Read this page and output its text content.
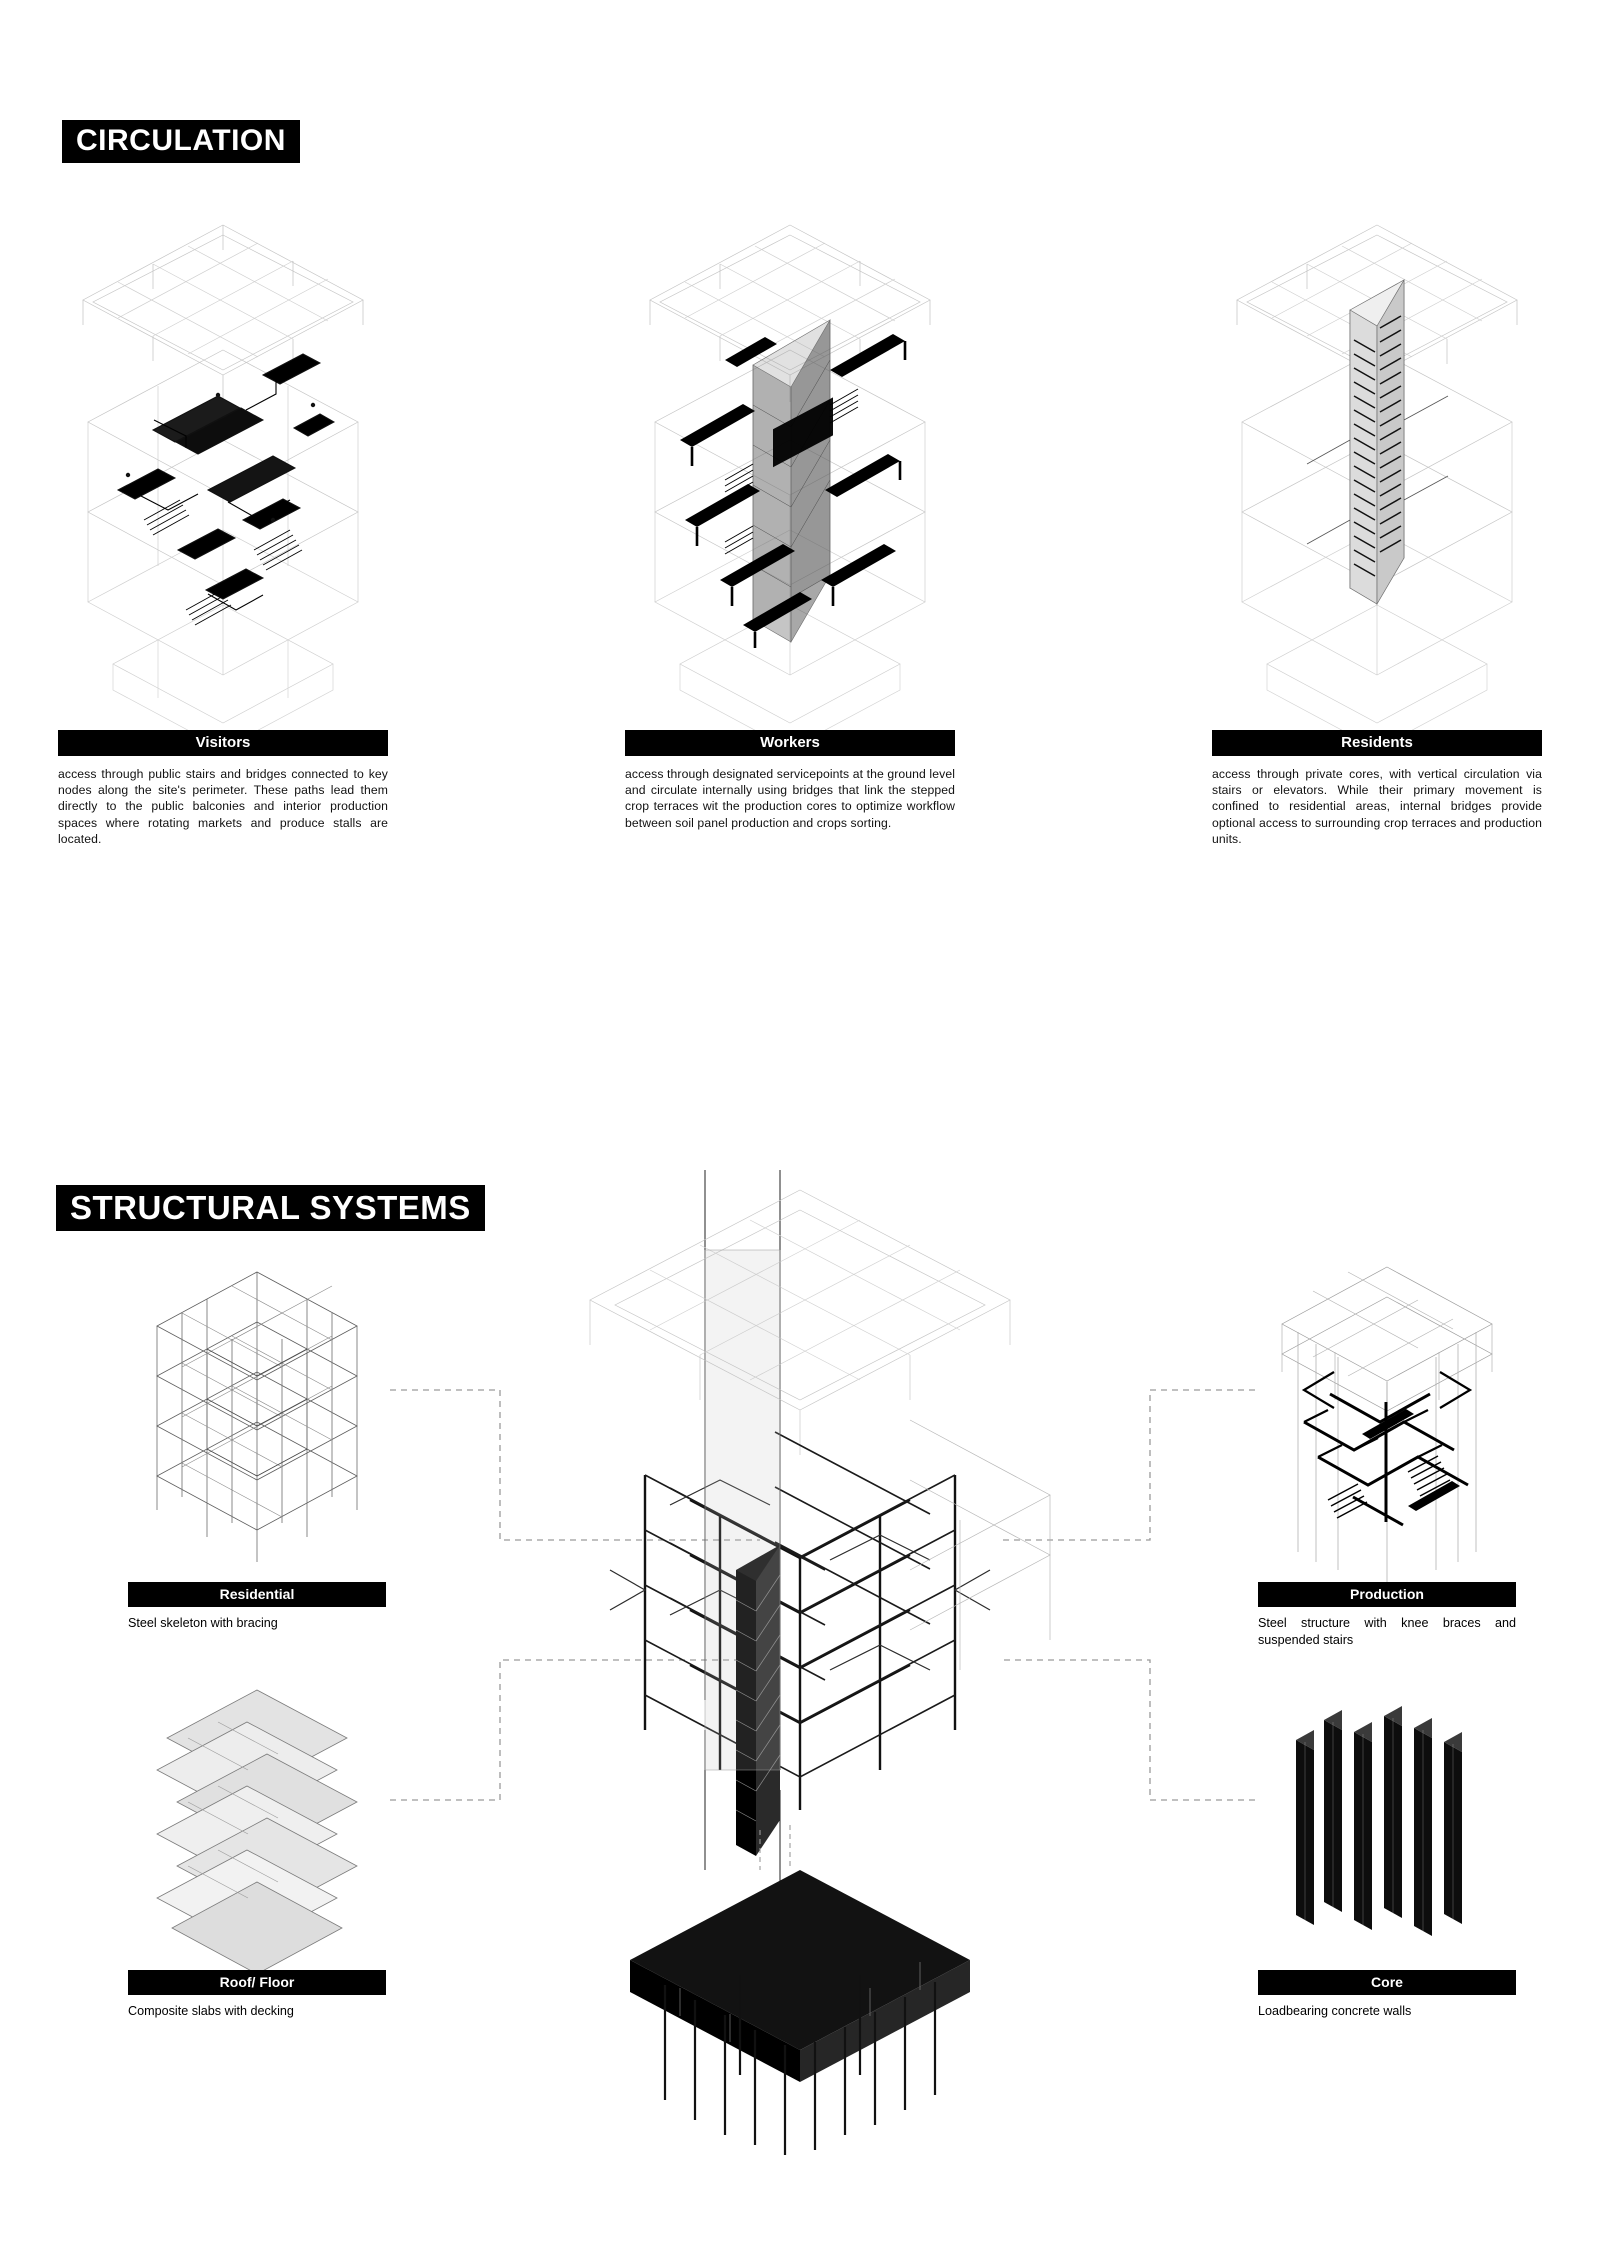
CIRCULATION
Visitors
access through public stairs and bridges connected to key nodes along the site's perimeter. These paths lead them directly to the public balconies and interior production spaces where rotating markets and produce stalls are located.
Workers
access through designated servicepoints at the ground level and circulate internally using bridges that link the stepped crop terraces wit the production cores to optimize workflow between soil panel production and crops sorting.
Residents
access through private cores, with vertical circulation via stairs or elevators. While their primary movement is confined to residential areas, internal bridges provide optional access to surrounding crop terraces and production units.
STRUCTURAL SYSTEMS
Residential
Steel skeleton with bracing
Roof/ Floor
Composite slabs with decking
Production
Steel structure with knee braces and suspended stairs
Core
Loadbearing concrete walls
